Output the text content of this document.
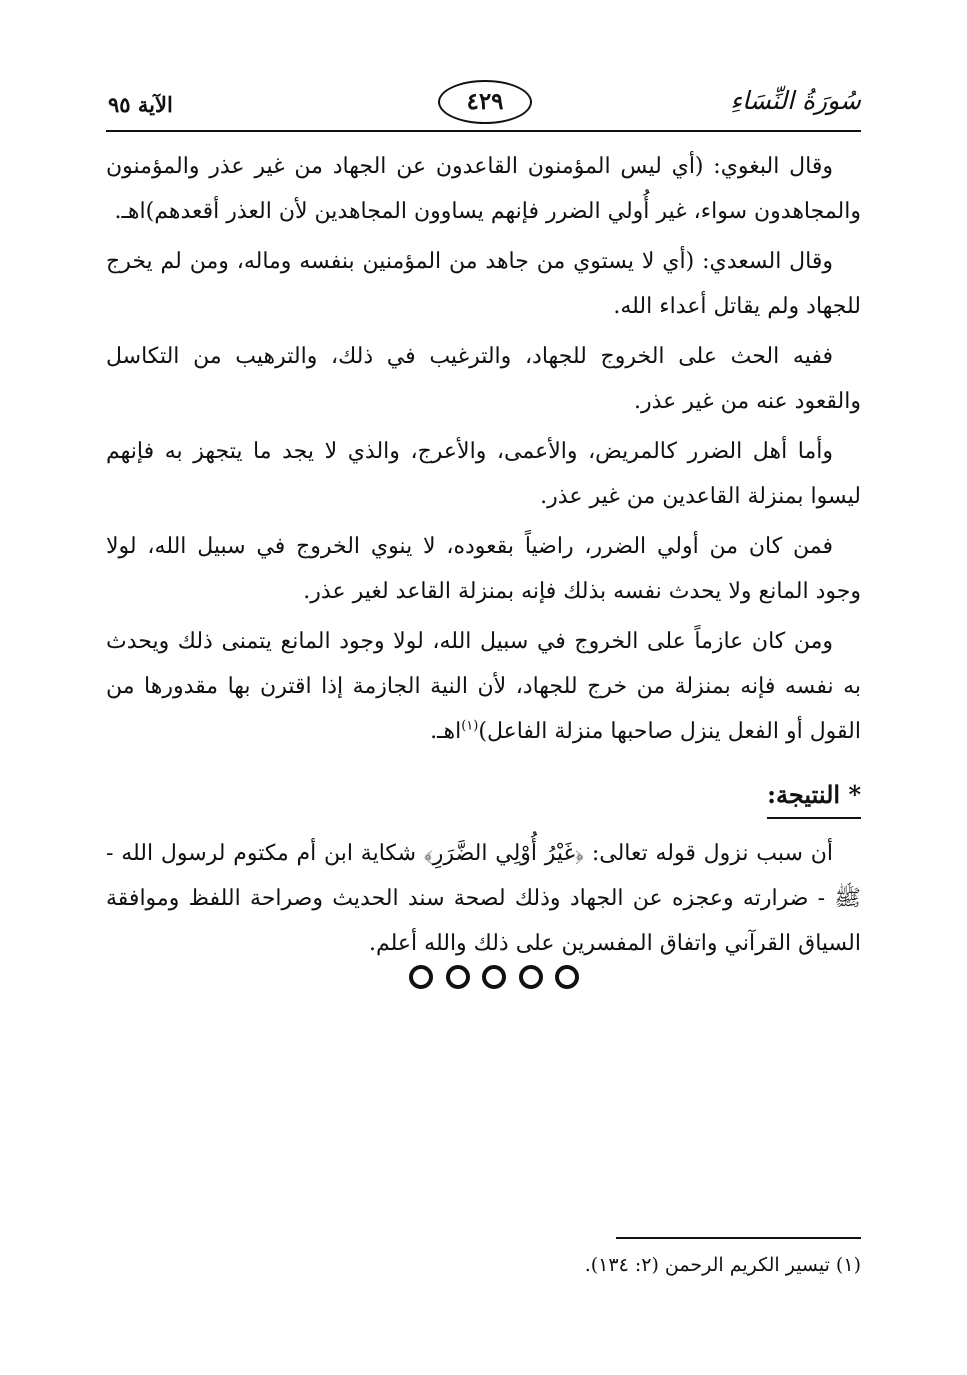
الآية ٩٥	٤٢٩	سُورَةُ النِّسَاءِ

وقال البغوي: (أي ليس المؤمنون القاعدون عن الجهاد من غير عذر والمؤمنون والمجاهدون سواء، غير أُولي الضرر فإنهم يساوون المجاهدين لأن العذر أقعدهم)اهـ.

وقال السعدي: (أي لا يستوي من جاهد من المؤمنين بنفسه وماله، ومن لم يخرج للجهاد ولم يقاتل أعداء الله.

ففيه الحث على الخروج للجهاد، والترغيب في ذلك، والترهيب من التكاسل والقعود عنه من غير عذر.

وأما أهل الضرر كالمريض، والأعمى، والأعرج، والذي لا يجد ما يتجهز به فإنهم ليسوا بمنزلة القاعدين من غير عذر.

فمن كان من أولي الضرر، راضياً بقعوده، لا ينوي الخروج في سبيل الله، لولا وجود المانع ولا يحدث نفسه بذلك فإنه بمنزلة القاعد لغير عذر.

ومن كان عازماً على الخروج في سبيل الله، لولا وجود المانع يتمنى ذلك ويحدث به نفسه فإنه بمنزلة من خرج للجهاد، لأن النية الجازمة إذا اقترن بها مقدورها من القول أو الفعل ينزل صاحبها منزلة الفاعل)$^{(١)}$اهـ.

* النتيجة:

أن سبب نزول قوله تعالى: ﴿غَيْرُ أُوْلِي الضَّرَرِ﴾ شكاية ابن أم مكتوم لرسول الله - ﷺ - ضرارته وعجزه عن الجهاد وذلك لصحة سند الحديث وصراحة اللفظ وموافقة السياق القرآني واتفاق المفسرين على ذلك والله أعلم.

(١) تيسير الكريم الرحمن (٢: ١٣٤).
